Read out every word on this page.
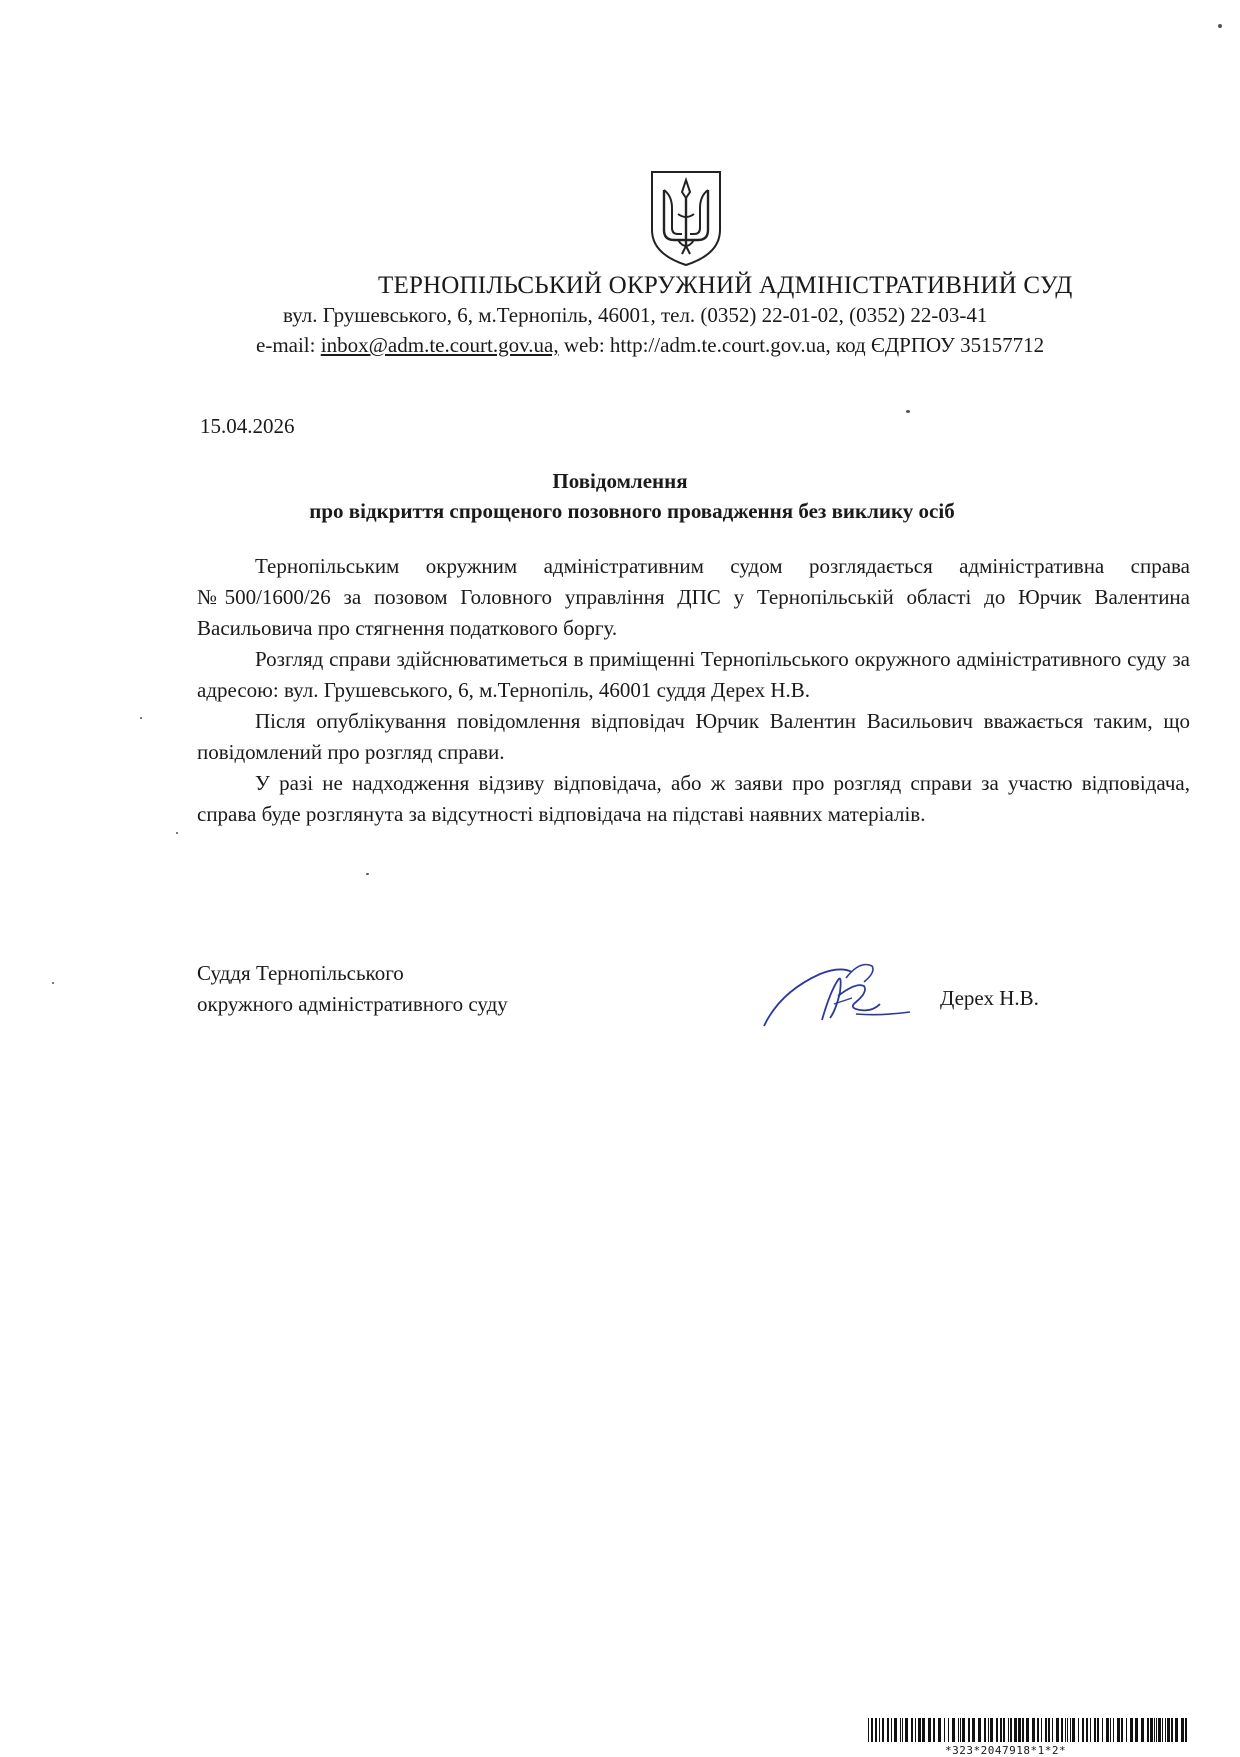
ТЕРНОПІЛЬСЬКИЙ ОКРУЖНИЙ АДМІНІСТРАТИВНИЙ СУД
вул. Грушевського, 6, м.Тернопіль, 46001, тел. (0352) 22-01-02, (0352) 22-03-41
e-mail: inbox@adm.te.court.gov.ua, web: http://adm.te.court.gov.ua, код ЄДРПОУ 35157712
15.04.2026
Повідомлення
про відкриття спрощеного позовного провадження без виклику осіб

Тернопільським окружним адміністративним судом розглядається адміністративна справа №500/1600/26 за позовом Головного управління ДПС у Тернопільській області до Юрчик Валентина Васильовича про стягнення податкового боргу.

Розгляд справи здійснюватиметься в приміщенні Тернопільського окружного адміністративного суду за адресою: вул. Грушевського, 6, м.Тернопіль, 46001 суддя Дерех Н.В.

Після опублікування повідомлення відповідач Юрчик Валентин Васильович вважається таким, що повідомлений про розгляд справи.

У разі не надходження відзиву відповідача, або ж заяви про розгляд справи за участю відповідача, справа буде розглянута за відсутності відповідача на підставі наявних матеріалів.

Суддя Тернопільського
окружного адміністративного суду	Дерех Н.В.
*323*2047918*1*2*
